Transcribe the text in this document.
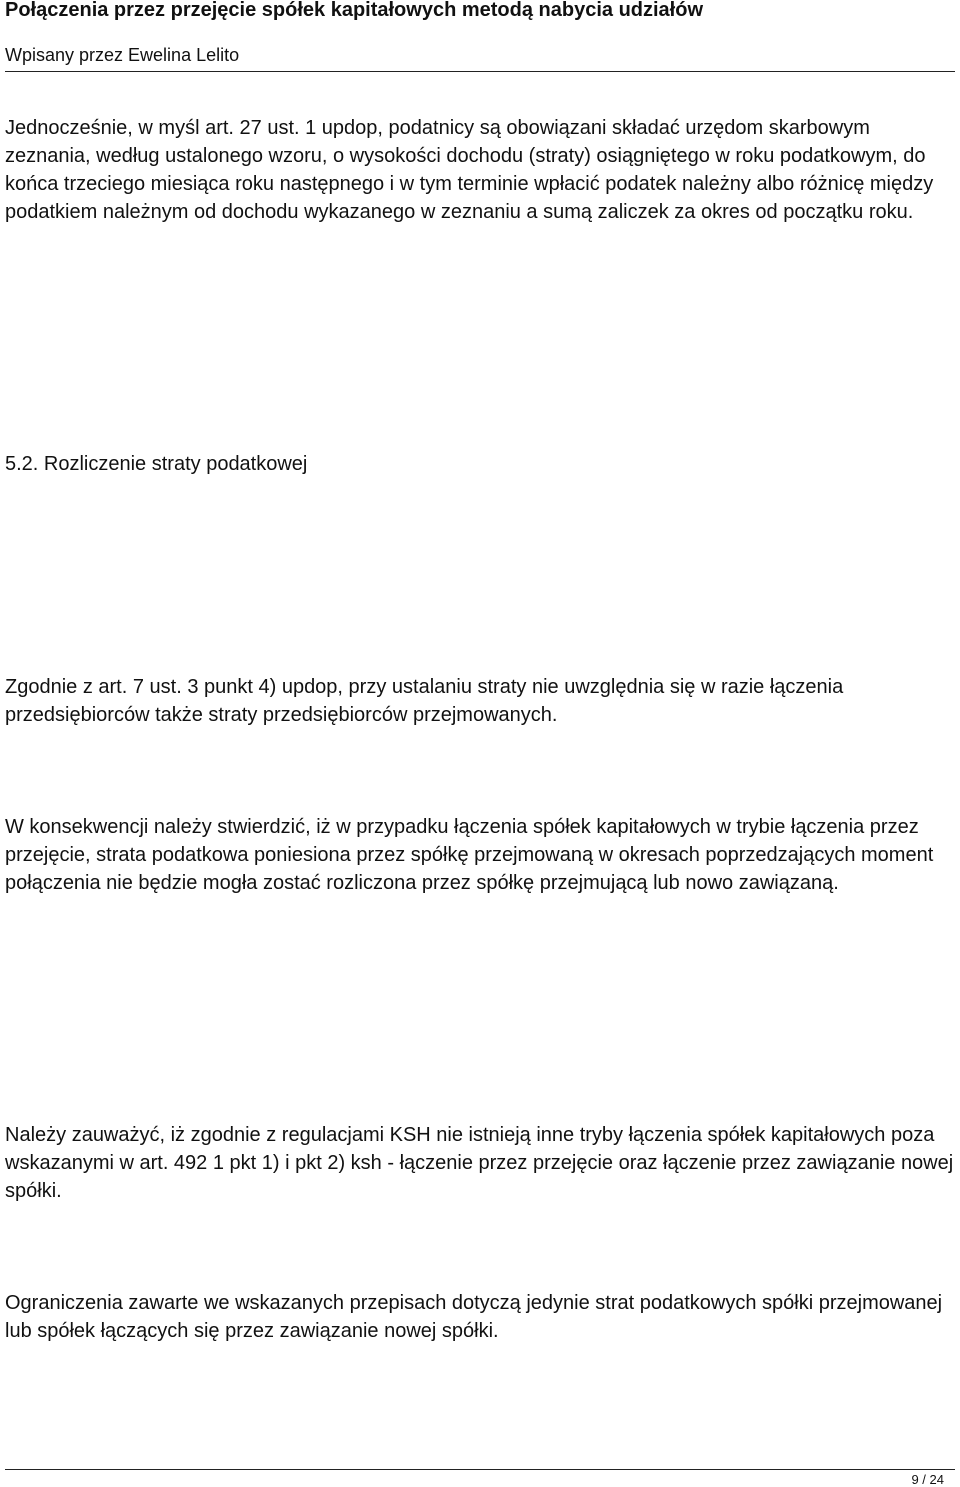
Połączenia przez przejęcie spółek kapitałowych metodą nabycia udziałów
Wpisany przez Ewelina Lelito

Jednocześnie, w myśl art. 27 ust. 1 updop, podatnicy są obowiązani składać urzędom skarbowym zeznania, według ustalonego wzoru, o wysokości dochodu (straty) osiągniętego w roku podatkowym, do końca trzeciego miesiąca roku następnego i w tym terminie wpłacić podatek należny albo różnicę między podatkiem należnym od dochodu wykazanego w zeznaniu a sumą zaliczek za okres od początku roku.

5.2. Rozliczenie straty podatkowej

Zgodnie z art. 7 ust. 3 punkt 4) updop, przy ustalaniu straty nie uwzględnia się w razie łączenia przedsiębiorców także straty przedsiębiorców przejmowanych.

W konsekwencji należy stwierdzić, iż w przypadku łączenia spółek kapitałowych w trybie łączenia przez przejęcie, strata podatkowa poniesiona przez spółkę przejmowaną w okresach poprzedzających moment połączenia nie będzie mogła zostać rozliczona przez spółkę przejmującą lub nowo zawiązaną.

Należy zauważyć, iż zgodnie z regulacjami KSH nie istnieją inne tryby łączenia spółek kapitałowych poza wskazanymi w art. 492 1 pkt 1) i pkt 2) ksh - łączenie przez przejęcie oraz łączenie przez zawiązanie nowej spółki.

Ograniczenia zawarte we wskazanych przepisach dotyczą jedynie strat podatkowych spółki przejmowanej lub spółek łączących się przez zawiązanie nowej spółki.

9 / 24
